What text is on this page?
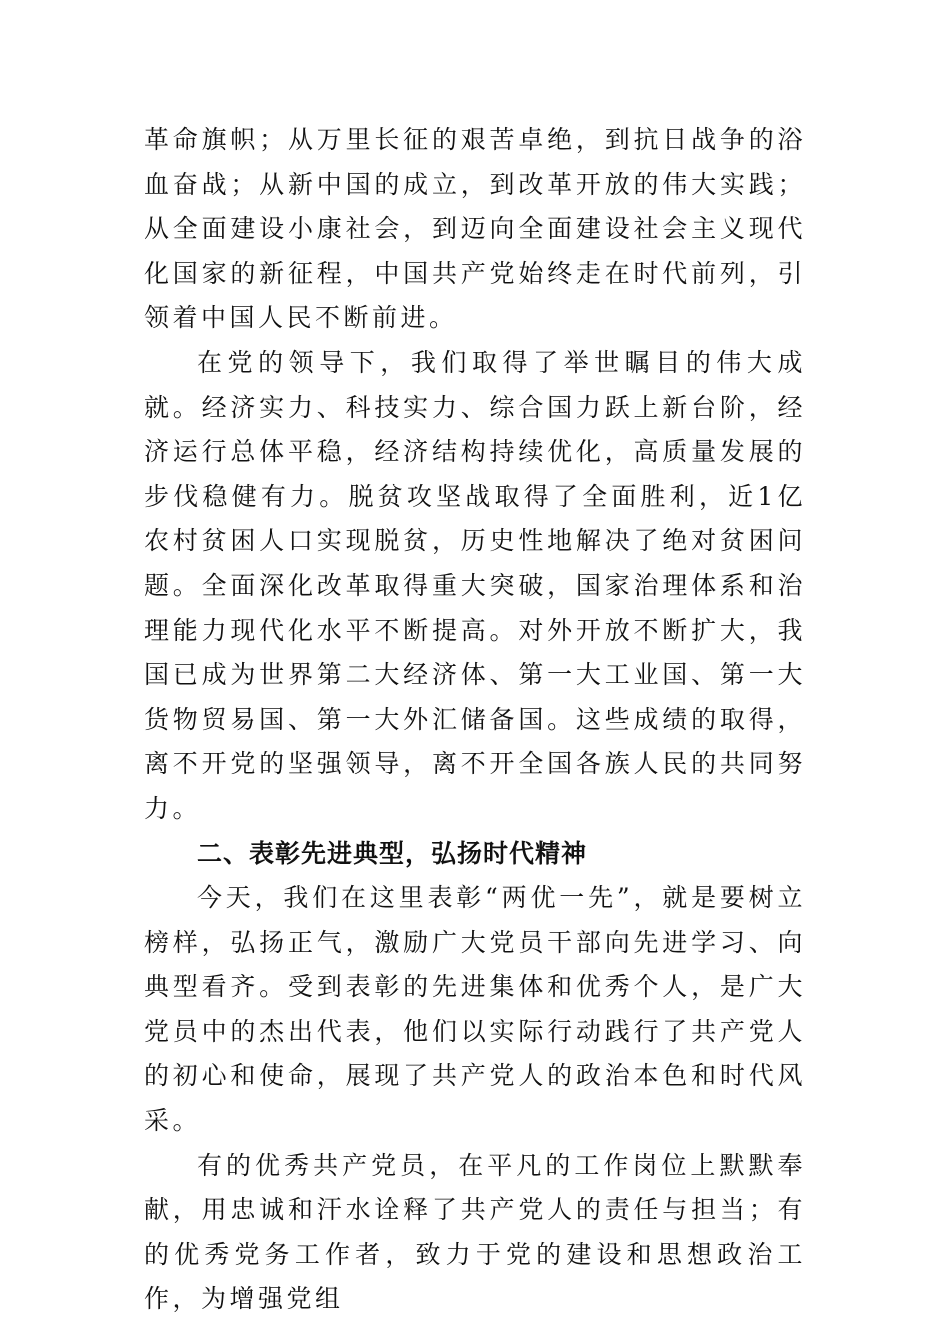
革命旗帜；从万里长征的艰苦卓绝，到抗日战争的浴血奋战；从新中国的成立，到改革开放的伟大实践；从全面建设小康社会，到迈向全面建设社会主义现代化国家的新征程，中国共产党始终走在时代前列，引领着中国人民不断前进。

在党的领导下，我们取得了举世瞩目的伟大成就。经济实力、科技实力、综合国力跃上新台阶，经济运行总体平稳，经济结构持续优化，高质量发展的步伐稳健有力。脱贫攻坚战取得了全面胜利，近1亿农村贫困人口实现脱贫，历史性地解决了绝对贫困问题。全面深化改革取得重大突破，国家治理体系和治理能力现代化水平不断提高。对外开放不断扩大，我国已成为世界第二大经济体、第一大工业国、第一大货物贸易国、第一大外汇储备国。这些成绩的取得，离不开党的坚强领导，离不开全国各族人民的共同努力。

二、表彰先进典型，弘扬时代精神

今天，我们在这里表彰“两优一先”，就是要树立榜样，弘扬正气，激励广大党员干部向先进学习、向典型看齐。受到表彰的先进集体和优秀个人，是广大党员中的杰出代表，他们以实际行动践行了共产党人的初心和使命，展现了共产党人的政治本色和时代风采。

有的优秀共产党员，在平凡的工作岗位上默默奉献，用忠诚和汗水诠释了共产党人的责任与担当；有的优秀党务工作者，致力于党的建设和思想政治工作，为增强党组
